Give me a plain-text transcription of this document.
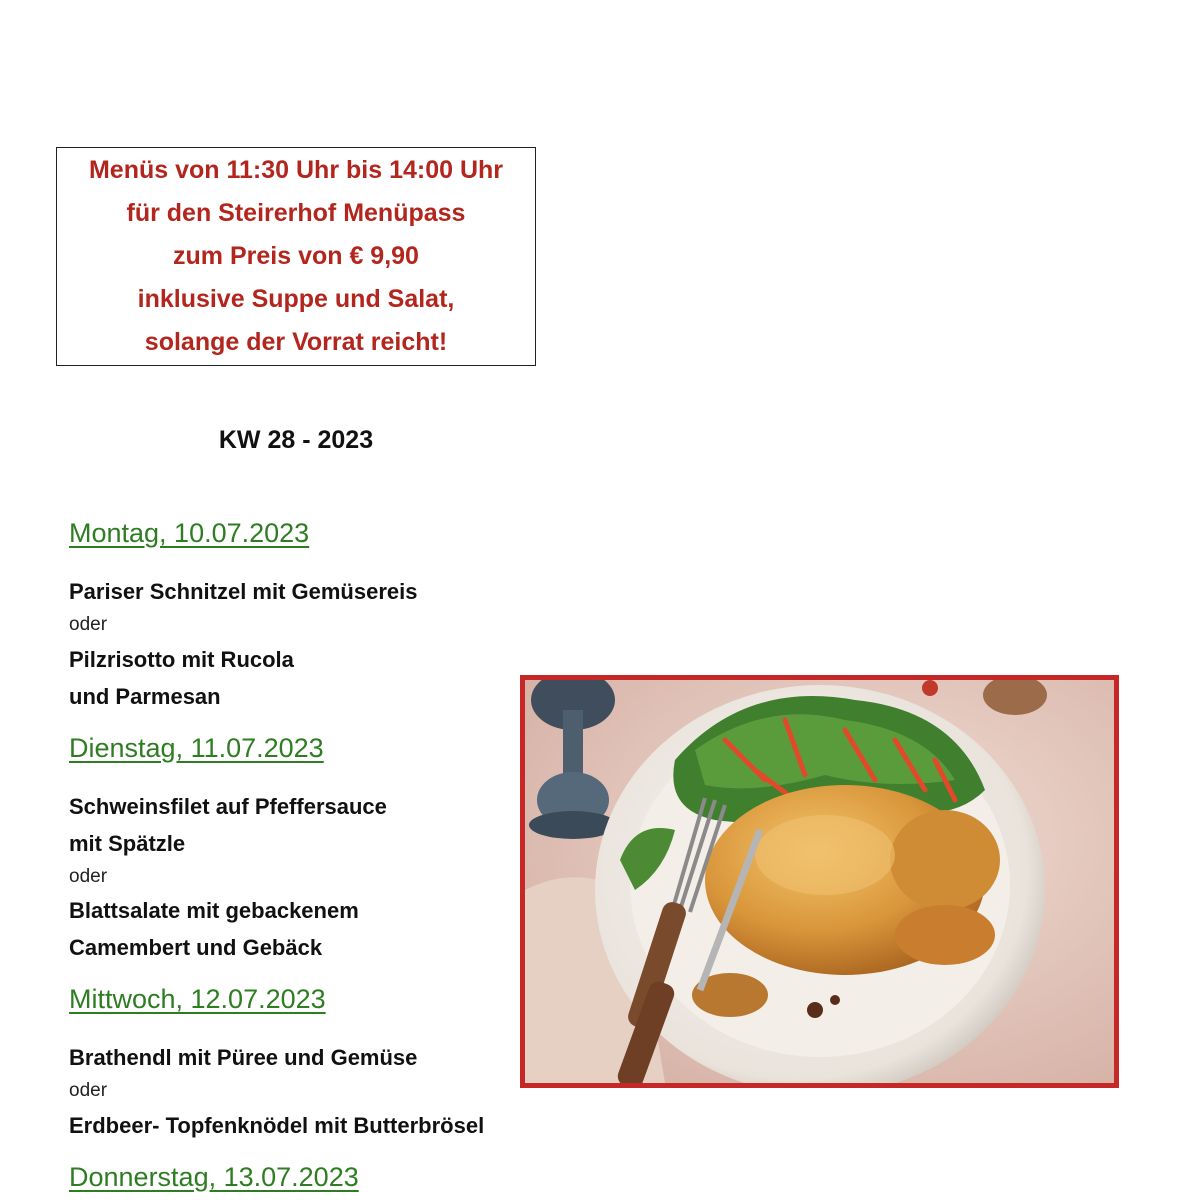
Menüs von 11:30 Uhr bis 14:00 Uhr
für den Steirerhof Menüpass
zum Preis von € 9,90
inklusive Suppe und Salat,
solange der Vorrat reicht!
KW 28 - 2023
Montag, 10.07.2023
Pariser Schnitzel mit Gemüsereis
oder
Pilzrisotto mit Rucola
und Parmesan
Dienstag, 11.07.2023
Schweinsfilet auf Pfeffersauce
mit Spätzle
oder
Blattsalate mit gebackenem
Camembert und Gebäck
Mittwoch, 12.07.2023
Brathendl mit Püree und Gemüse
oder
Erdbeer- Topfenknödel mit Butterbrösel
Donnerstag, 13.07.2023
